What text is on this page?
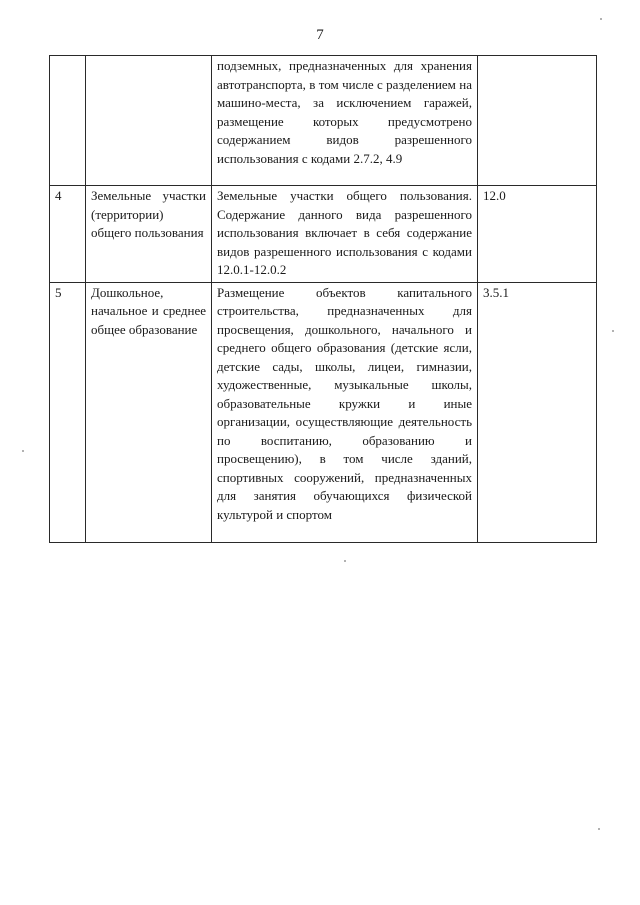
7
		подземных, предназначенных для хранения автотранспорта, в том числе с разделением на машино-места, за исключением гаражей, размещение которых предусмотрено содержанием видов разрешенного использования с кодами 2.7.2, 4.9	
4	Земельные участки (территории) общего пользования	Земельные участки общего пользования. Содержание данного вида разрешенного использования включает в себя содержание видов разрешенного использования с кодами 12.0.1-12.0.2	12.0
5	Дошкольное, начальное и среднее общее образование	Размещение объектов капитального строительства, предназначенных для просвещения, дошкольного, начального и среднего общего образования (детские ясли, детские сады, школы, лицеи, гимназии, художественные, музыкальные школы, образовательные кружки и иные организации, осуществляющие деятельность по воспитанию, образованию и просвещению), в том числе зданий, спортивных сооружений, предназначенных для занятия обучающихся физической культурой и спортом	3.5.1
